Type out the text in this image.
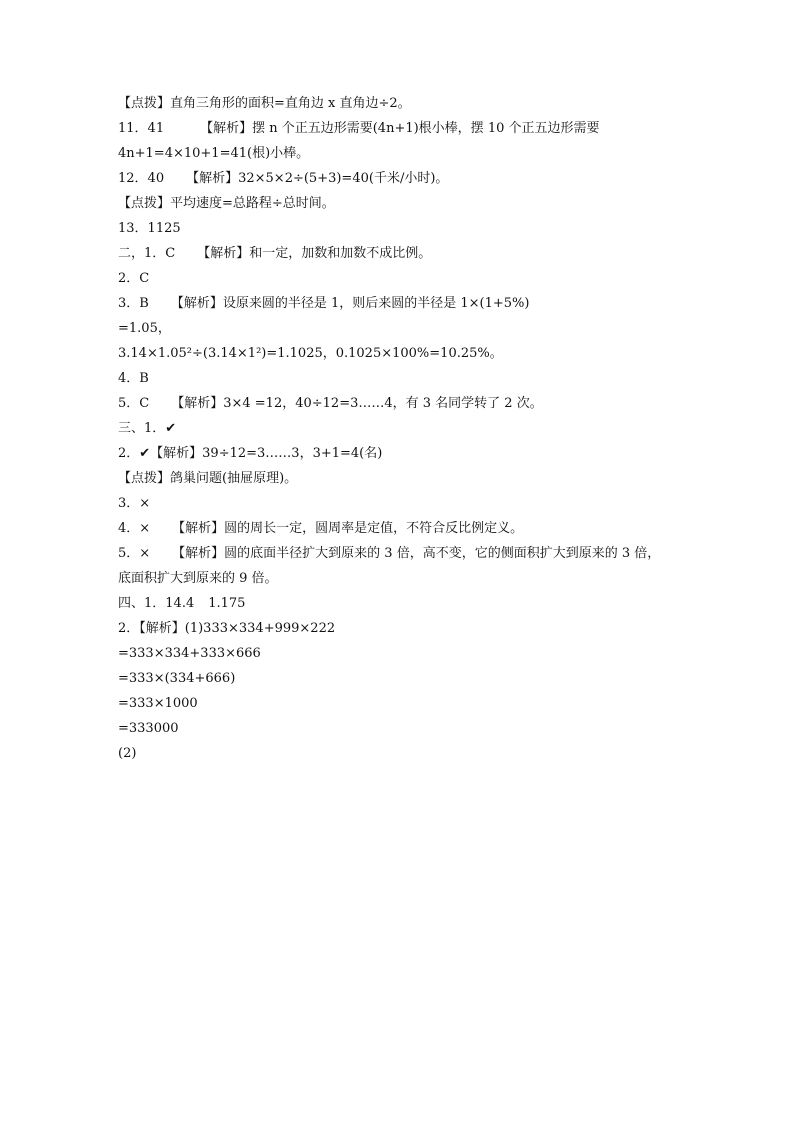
【点拨】直角三角形的面积=直角边 x 直角边÷2。
11．41	【解析】摆 n 个正五边形需要(4n+1)根小棒，摆 10 个正五边形需要
4n+1=4×10+1=41(根)小棒。
12．40 【解析】32×5×2÷(5+3)=40(千米/小时)。
【点拨】平均速度=总路程÷总时间。
13．1125
二，1．C 【解析】和一定，加数和加数不成比例。
2．C
3．B 【解析】设原来圆的半径是 1，则后来圆的半径是 1×(1+5%)
=1.05，
3.14×1.05²÷(3.14×1²)=1.1025，0.1025×100%=10.25%。
4．B
5．C 【解析】3×4 =12，40÷12=3……4，有 3 名同学转了 2 次。
三、1．✔
2．✔【解析】39÷12=3……3，3+1=4(名)
【点拨】鸽巢问题(抽屉原理)。
3．×
4．× 【解析】圆的周长一定，圆周率是定值，不符合反比例定义。
5．× 【解析】圆的底面半径扩大到原来的 3 倍，高不变，它的侧面积扩大到原来的 3 倍，
底面积扩大到原来的 9 倍。
四、1．14.4 1.175
2．【解析】(1)333×334+999×222
=333×334+333×666
=333×(334+666)
=333×1000
=333000
(2)
